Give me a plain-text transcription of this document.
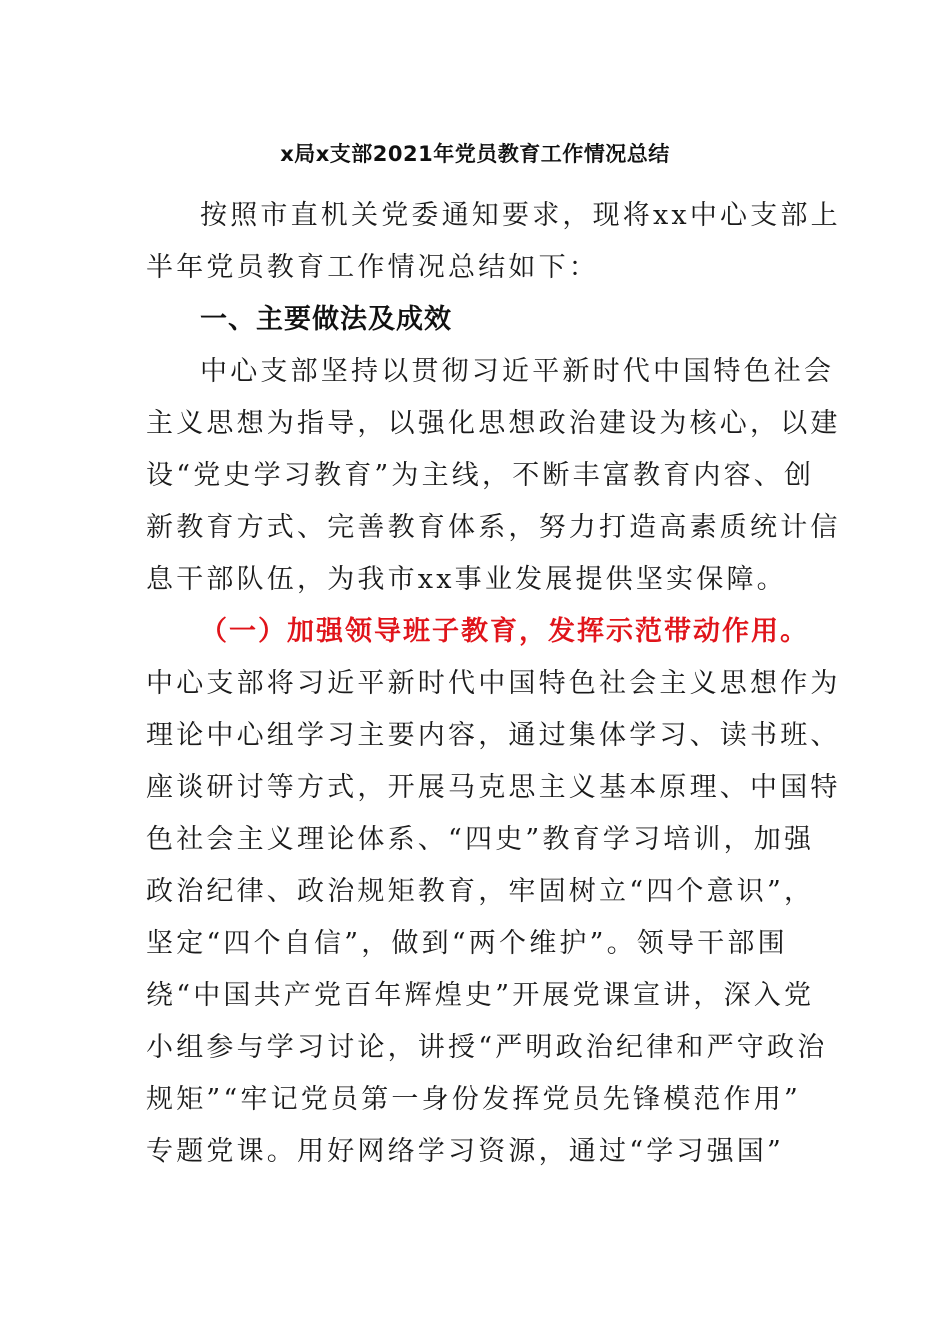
x局x支部2021年党员教育工作情况总结
按照市直机关党委通知要求，现将xx中心支部上
半年党员教育工作情况总结如下：
一、主要做法及成效
中心支部坚持以贯彻习近平新时代中国特色社会
主义思想为指导，以强化思想政治建设为核心，以建
设“党史学习教育”为主线，不断丰富教育内容、创
新教育方式、完善教育体系，努力打造高素质统计信
息干部队伍，为我市xx事业发展提供坚实保障。
（一）加强领导班子教育，发挥示范带动作用。
中心支部将习近平新时代中国特色社会主义思想作为
理论中心组学习主要内容，通过集体学习、读书班、
座谈研讨等方式，开展马克思主义基本原理、中国特
色社会主义理论体系、“四史”教育学习培训，加强
政治纪律、政治规矩教育，牢固树立“四个意识”，
坚定“四个自信”，做到“两个维护”。领导干部围
绕“中国共产党百年辉煌史”开展党课宣讲，深入党
小组参与学习讨论，讲授“严明政治纪律和严守政治
规矩”“牢记党员第一身份发挥党员先锋模范作用”
专题党课。用好网络学习资源，通过“学习强国”
